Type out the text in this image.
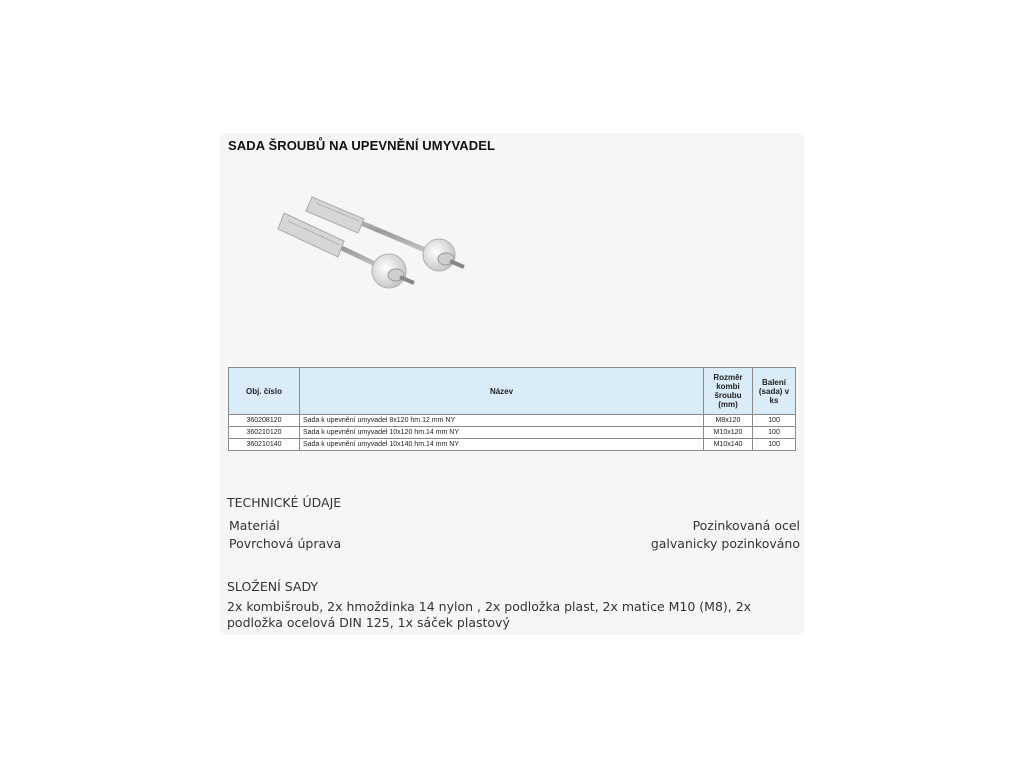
SADA ŠROUBŮ NA UPEVNĚNÍ UMYVADEL
Obj. číslo	Název	Rozměr kombi šroubu (mm)	Balení (sada) v ks
360208120	Sada k upevnění umyvadel 8x120 hm.12 mm NY	M8x120	100
360210120	Sada k upevnění umyvadel 10x120 hm.14 mm NY	M10x120	100
360210140	Sada k upevnění umyvadel 10x140 hm.14 mm NY	M10x140	100
TECHNICKÉ ÚDAJE
Materiál	Pozinkovaná ocel
Povrchová úprava	galvanicky pozinkováno
SLOŽENÍ SADY
2x kombišroub, 2x hmoždinka 14 nylon , 2x podložka plast, 2x matice M10 (M8), 2x podložka ocelová DIN 125, 1x sáček plastový
